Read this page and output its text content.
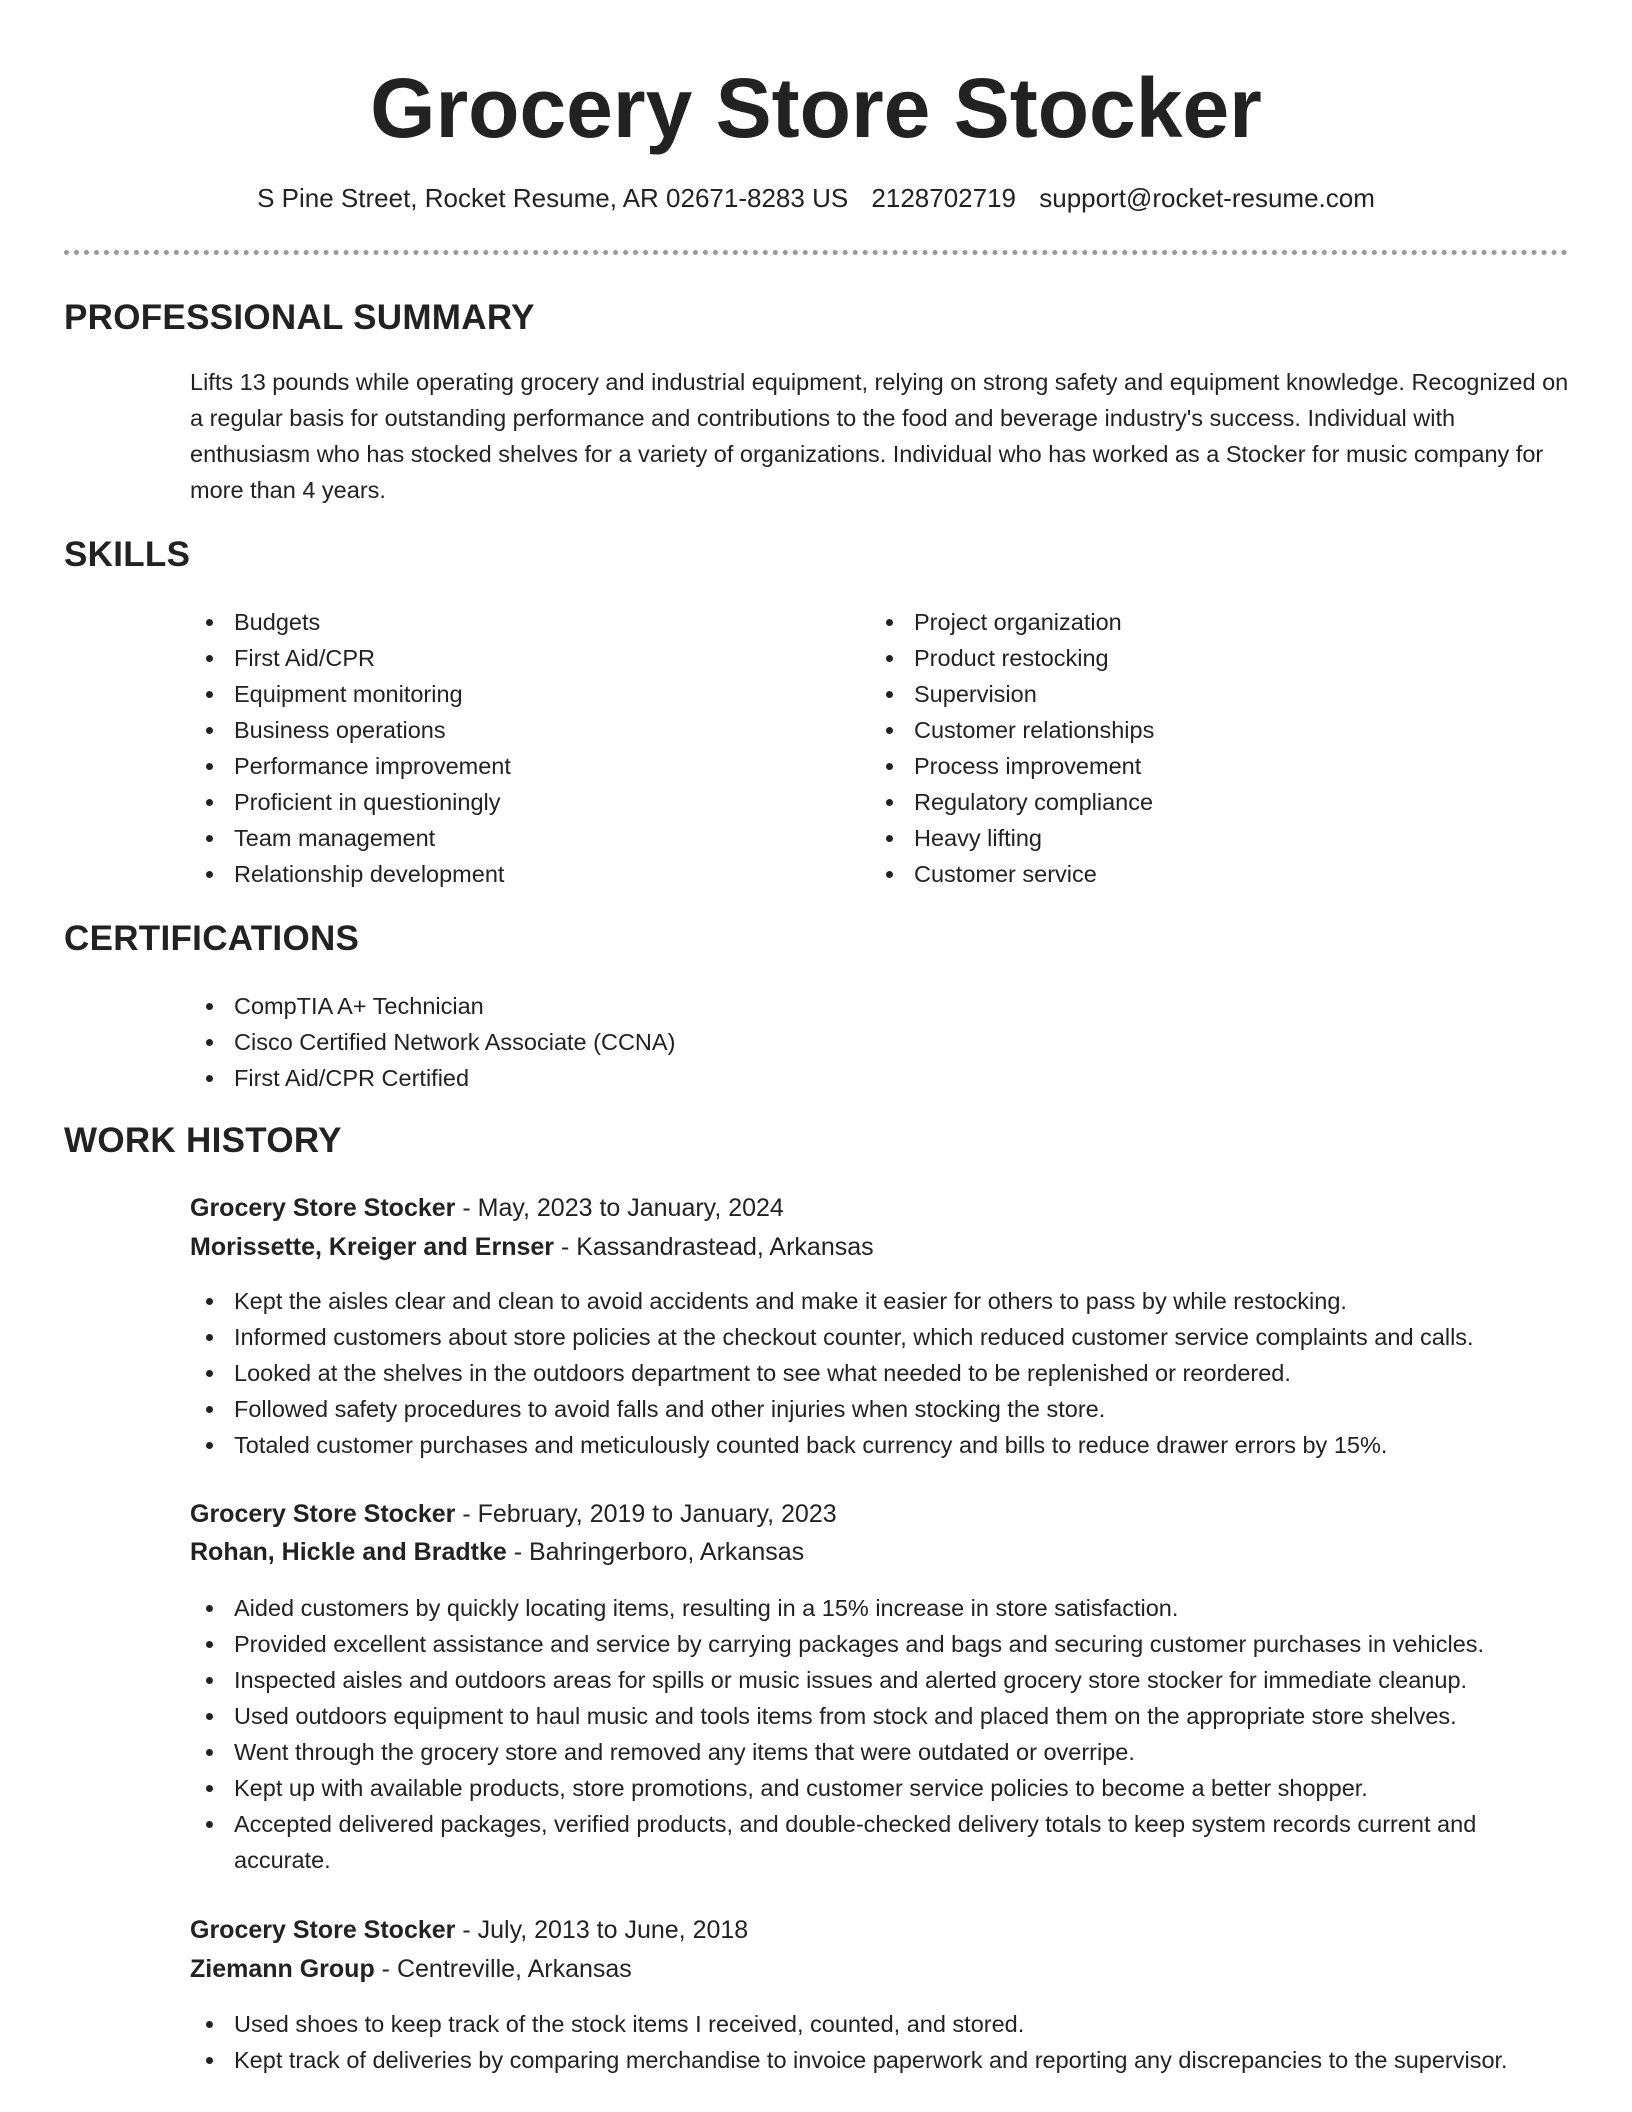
Grocery Store Stocker
S Pine Street, Rocket Resume, AR 02671-8283 US 2128702719 support@rocket-resume.com
PROFESSIONAL SUMMARY
Lifts 13 pounds while operating grocery and industrial equipment, relying on strong safety and equipment knowledge. Recognized on a regular basis for outstanding performance and contributions to the food and beverage industry's success. Individual with enthusiasm who has stocked shelves for a variety of organizations. Individual who has worked as a Stocker for music company for more than 4 years.
SKILLS
Budgets
First Aid/CPR
Equipment monitoring
Business operations
Performance improvement
Proficient in questioningly
Team management
Relationship development
Project organization
Product restocking
Supervision
Customer relationships
Process improvement
Regulatory compliance
Heavy lifting
Customer service
CERTIFICATIONS
CompTIA A+ Technician
Cisco Certified Network Associate (CCNA)
First Aid/CPR Certified
WORK HISTORY
Grocery Store Stocker - May, 2023 to January, 2024
Morissette, Kreiger and Ernser - Kassandrastead, Arkansas
Kept the aisles clear and clean to avoid accidents and make it easier for others to pass by while restocking.
Informed customers about store policies at the checkout counter, which reduced customer service complaints and calls.
Looked at the shelves in the outdoors department to see what needed to be replenished or reordered.
Followed safety procedures to avoid falls and other injuries when stocking the store.
Totaled customer purchases and meticulously counted back currency and bills to reduce drawer errors by 15%.
Grocery Store Stocker - February, 2019 to January, 2023
Rohan, Hickle and Bradtke - Bahringerboro, Arkansas
Aided customers by quickly locating items, resulting in a 15% increase in store satisfaction.
Provided excellent assistance and service by carrying packages and bags and securing customer purchases in vehicles.
Inspected aisles and outdoors areas for spills or music issues and alerted grocery store stocker for immediate cleanup.
Used outdoors equipment to haul music and tools items from stock and placed them on the appropriate store shelves.
Went through the grocery store and removed any items that were outdated or overripe.
Kept up with available products, store promotions, and customer service policies to become a better shopper.
Accepted delivered packages, verified products, and double-checked delivery totals to keep system records current and accurate.
Grocery Store Stocker - July, 2013 to June, 2018
Ziemann Group - Centreville, Arkansas
Used shoes to keep track of the stock items I received, counted, and stored.
Kept track of deliveries by comparing merchandise to invoice paperwork and reporting any discrepancies to the supervisor.
